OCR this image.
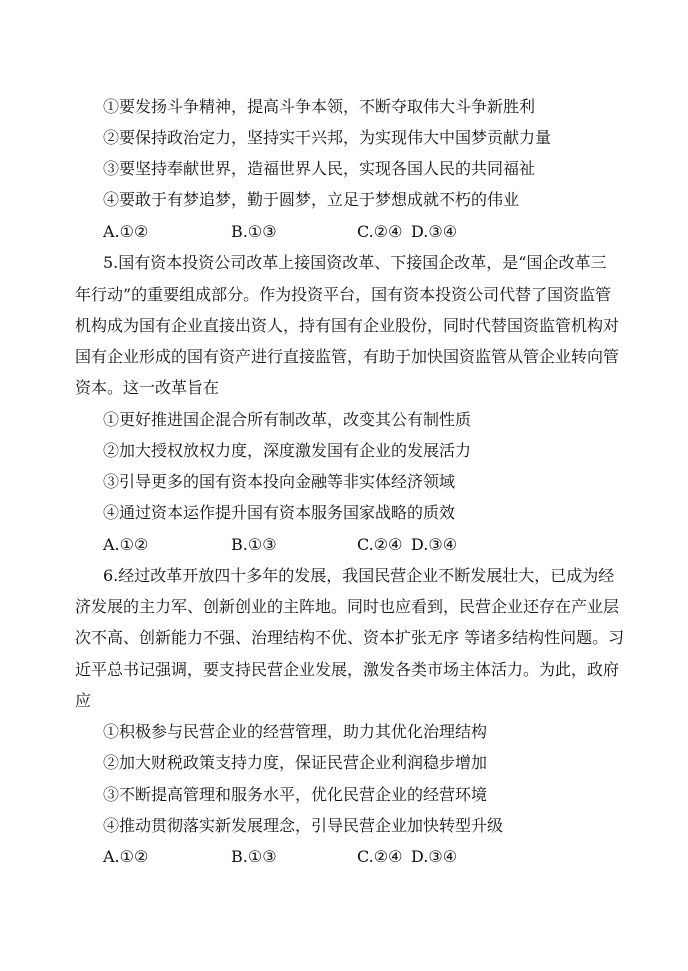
①要发扬斗争精神，提高斗争本领，不断夺取伟大斗争新胜利
②要保持政治定力，坚持实干兴邦，为实现伟大中国梦贡献力量
③要坚持奉献世界，造福世界人民，实现各国人民的共同福祉
④要敢于有梦追梦，勤于圆梦，立足于梦想成就不朽的伟业
A.①②	B.①③	C.②④ D.③④
5.国有资本投资公司改革上接国资改革、下接国企改革，是“国企改革三
年行动”的重要组成部分。作为投资平台，国有资本投资公司代替了国资监管
机构成为国有企业直接出资人，持有国有企业股份，同时代替国资监管机构对
国有企业形成的国有资产进行直接监管，有助于加快国资监管从管企业转向管
资本。这一改革旨在
①更好推进国企混合所有制改革，改变其公有制性质
②加大授权放权力度，深度激发国有企业的发展活力
③引导更多的国有资本投向金融等非实体经济领域
④通过资本运作提升国有资本服务国家战略的质效
A.①②	B.①③	C.②④ D.③④
6.经过改革开放四十多年的发展，我国民营企业不断发展壮大，已成为经
济发展的主力军、创新创业的主阵地。同时也应看到，民营企业还存在产业层
次不高、创新能力不强、治理结构不优、资本扩张无序 等诸多结构性问题。习
近平总书记强调，要支持民营企业发展，激发各类市场主体活力。为此，政府
应
①积极参与民营企业的经营管理，助力其优化治理结构
②加大财税政策支持力度，保证民营企业利润稳步增加
③不断提高管理和服务水平，优化民营企业的经营环境
④推动贯彻落实新发展理念，引导民营企业加快转型升级
A.①②	B.①③	C.②④ D.③④
